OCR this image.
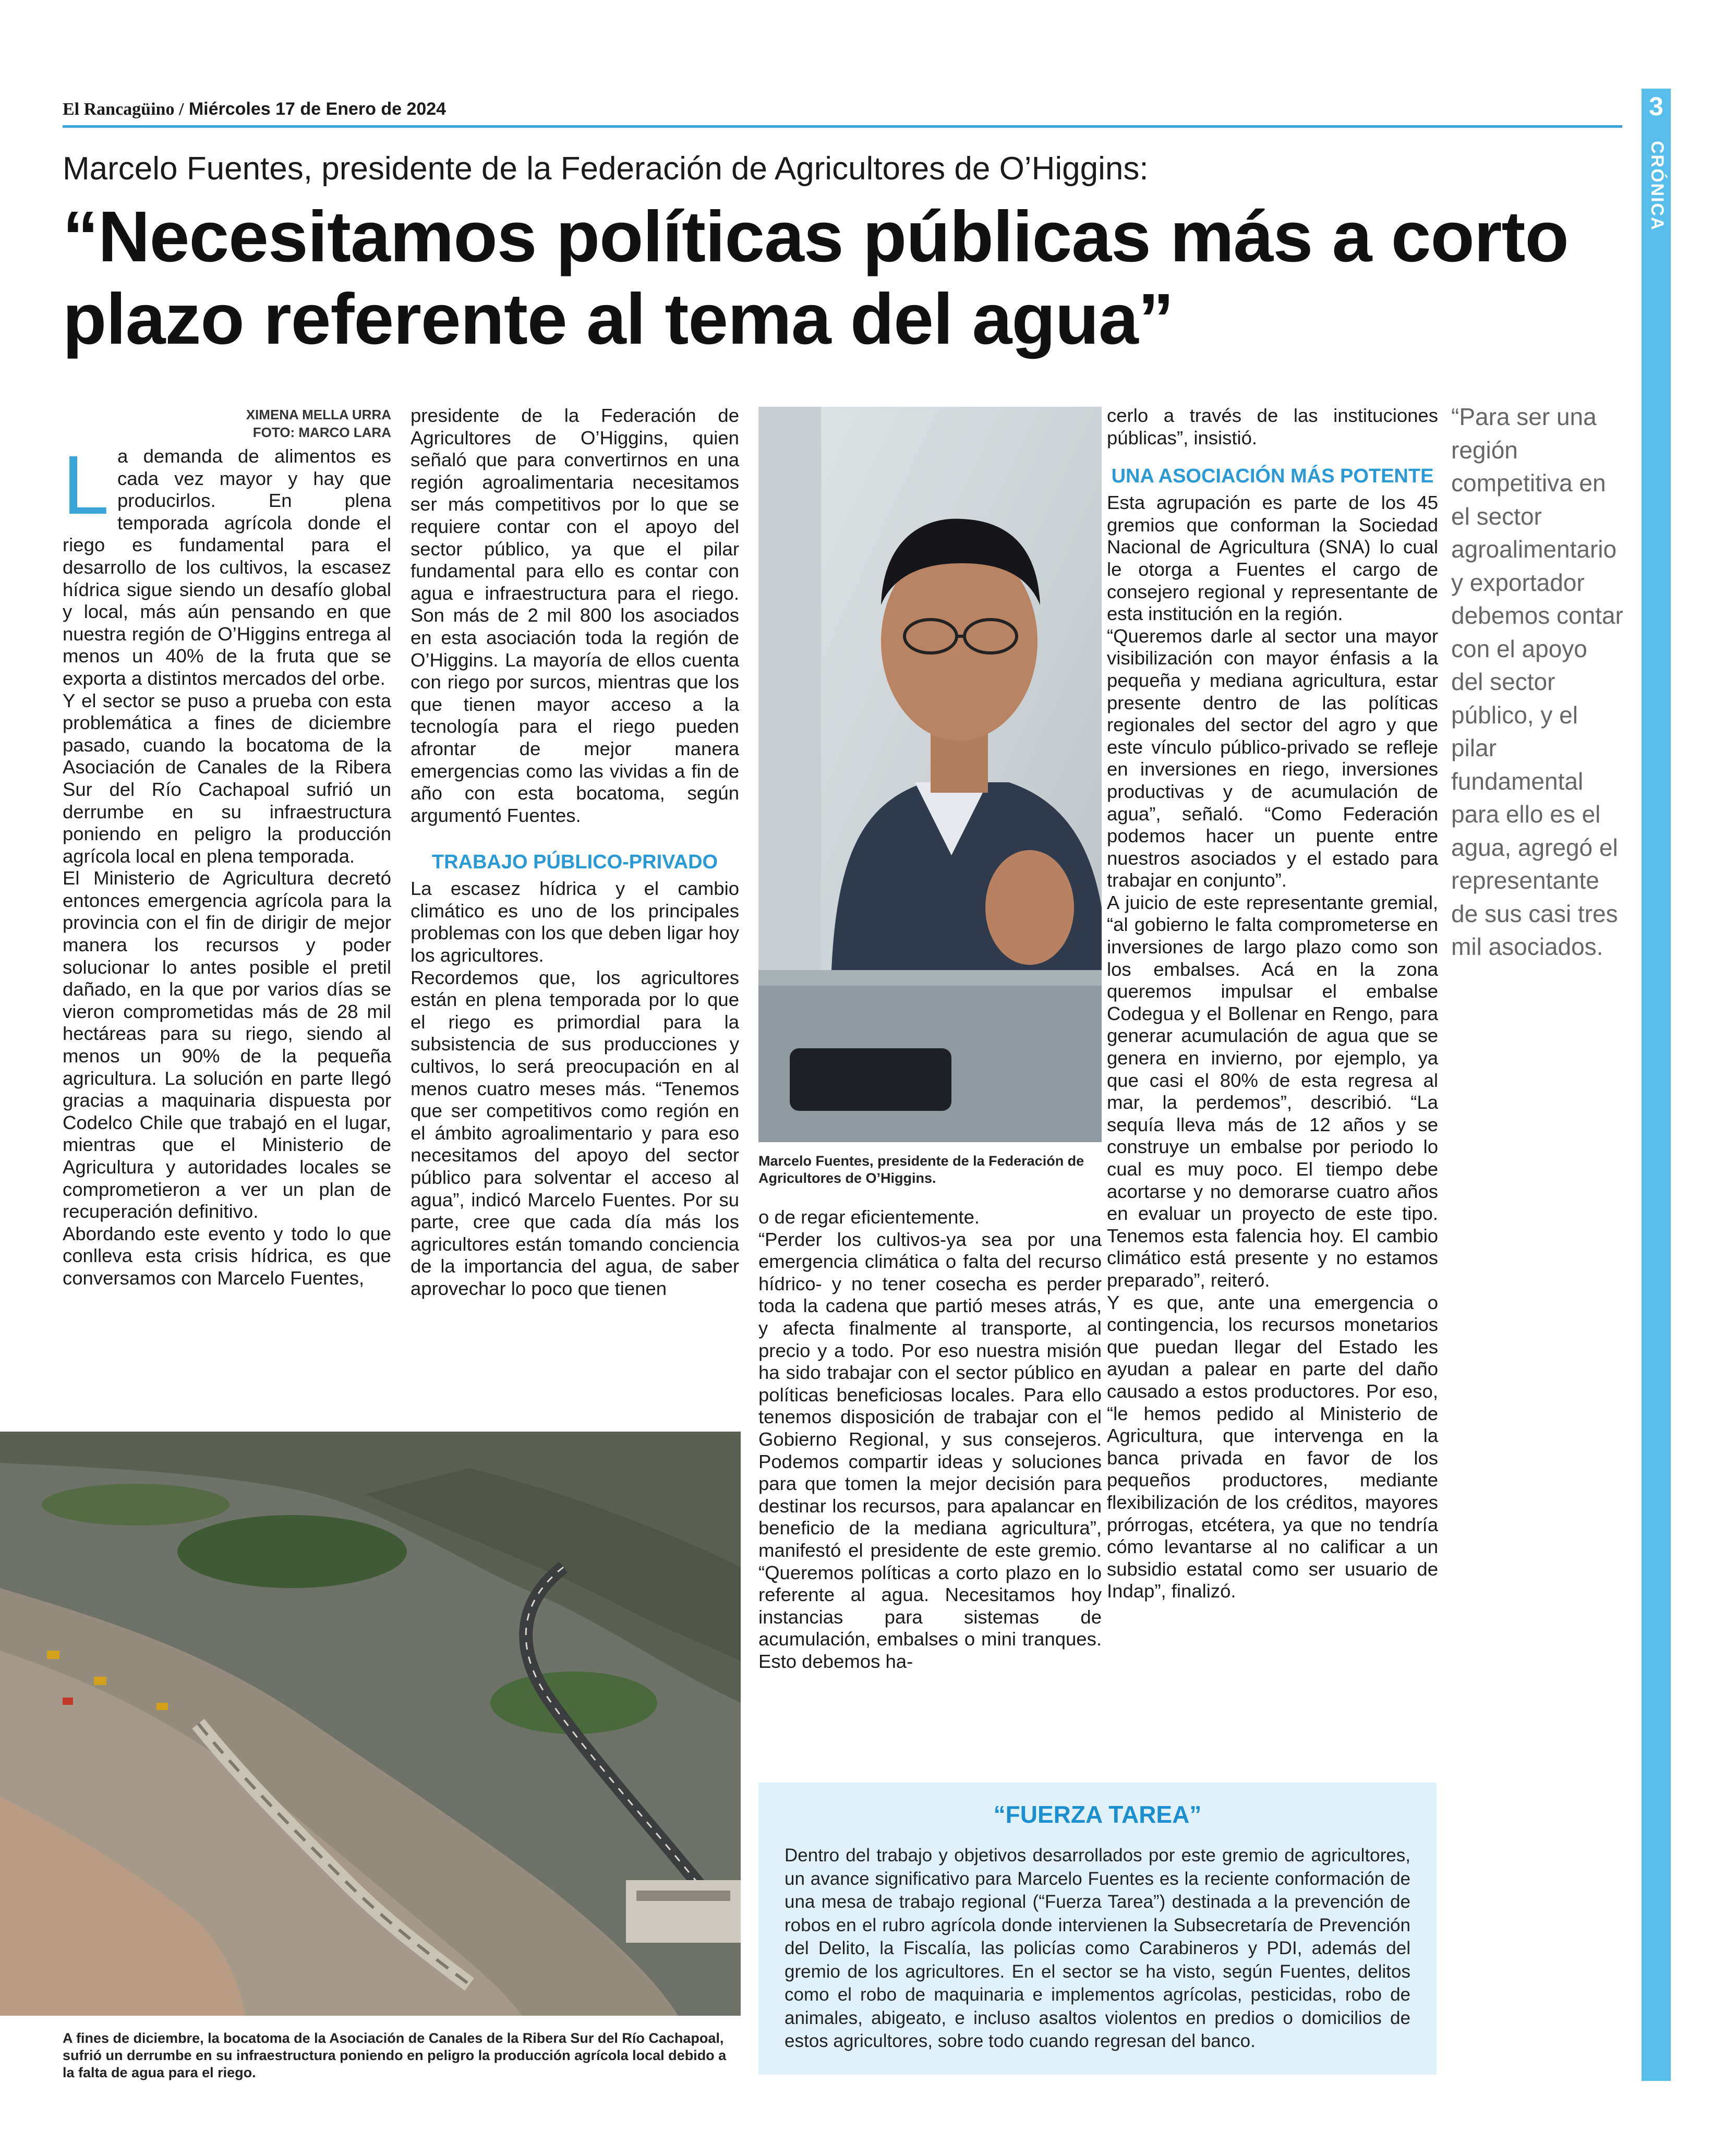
El Rancagüino / Miércoles 17 de Enero de 2024	3
CRÓNICA
Marcelo Fuentes, presidente de la Federación de Agricultores de O’Higgins:
“Necesitamos políticas públicas más a corto plazo referente al tema del agua”
XIMENA MELLA URRA
FOTO: MARCO LARA
L a demanda de alimentos es cada vez mayor y hay que producirlos. En plena temporada agrícola donde el riego es fundamental para el desarrollo de los cultivos, la escasez hídrica sigue siendo un desafío global y local, más aún pensando en que nuestra región de O’Higgins entrega al menos un 40% de la fruta que se exporta a distintos mercados del orbe.

Y el sector se puso a prueba con esta problemática a fines de diciembre pasado, cuando la bocatoma de la Asociación de Canales de la Ribera Sur del Río Cachapoal sufrió un derrumbe en su infraestructura poniendo en peligro la producción agrícola local en plena temporada.

El Ministerio de Agricultura decretó entonces emergencia agrícola para la provincia con el fin de dirigir de mejor manera los recursos y poder solucionar lo antes posible el pretil dañado, en la que por varios días se vieron comprometidas más de 28 mil hectáreas para su riego, siendo al menos un 90% de la pequeña agricultura. La solución en parte llegó gracias a maquinaria dispuesta por Codelco Chile que trabajó en el lugar, mientras que el Ministerio de Agricultura y autoridades locales se comprometieron a ver un plan de recuperación definitivo.

Abordando este evento y todo lo que conlleva esta crisis hídrica, es que conversamos con Marcelo Fuentes,

presidente de la Federación de Agricultores de O’Higgins, quien señaló que para convertirnos en una región agroalimentaria necesitamos ser más competitivos por lo que se requiere contar con el apoyo del sector público, ya que el pilar fundamental para ello es contar con agua e infraestructura para el riego. Son más de 2 mil 800 los asociados en esta asociación toda la región de O’Higgins. La mayoría de ellos cuenta con riego por surcos, mientras que los que tienen mayor acceso a la tecnología para el riego pueden afrontar de mejor manera emergencias como las vividas a fin de año con esta bocatoma, según argumentó Fuentes.

TRABAJO PÚBLICO-PRIVADO

La escasez hídrica y el cambio climático es uno de los principales problemas con los que deben ligar hoy los agricultores.

Recordemos que, los agricultores están en plena temporada por lo que el riego es primordial para la subsistencia de sus producciones y cultivos, lo será preocupación en al menos cuatro meses más. “Tenemos que ser competitivos como región en el ámbito agroalimentario y para eso necesitamos del apoyo del sector público para solventar el acceso al agua”, indicó Marcelo Fuentes. Por su parte, cree que cada día más los agricultores están tomando conciencia de la importancia del agua, de saber aprovechar lo poco que tienen

Marcelo Fuentes, presidente de la Federación de Agricultores de O’Higgins.

o de regar eficientemente.

“Perder los cultivos-ya sea por una emergencia climática o falta del recurso hídrico- y no tener cosecha es perder toda la cadena que partió meses atrás, y afecta finalmente al transporte, al precio y a todo. Por eso nuestra misión ha sido trabajar con el sector público en políticas beneficiosas locales. Para ello tenemos disposición de trabajar con el Gobierno Regional, y sus consejeros. Podemos compartir ideas y soluciones para que tomen la mejor decisión para destinar los recursos, para apalancar en beneficio de la mediana agricultura”, manifestó el presidente de este gremio. “Queremos políticas a corto plazo en lo referente al agua. Necesitamos hoy instancias para sistemas de acumulación, embalses o mini tranques. Esto debemos ha-

cerlo a través de las instituciones públicas”, insistió.

UNA ASOCIACIÓN MÁS POTENTE

Esta agrupación es parte de los 45 gremios que conforman la Sociedad Nacional de Agricultura (SNA) lo cual le otorga a Fuentes el cargo de consejero regional y representante de esta institución en la región.

“Queremos darle al sector una mayor visibilización con mayor énfasis a la pequeña y mediana agricultura, estar presente dentro de las políticas regionales del sector del agro y que este vínculo público-privado se refleje en inversiones en riego, inversiones productivas y de acumulación de agua”, señaló. “Como Federación podemos hacer un puente entre nuestros asociados y el estado para trabajar en conjunto”.

A juicio de este representante gremial, “al gobierno le falta comprometerse en inversiones de largo plazo como son los embalses. Acá en la zona queremos impulsar el embalse Codegua y el Bollenar en Rengo, para generar acumulación de agua que se genera en invierno, por ejemplo, ya que casi el 80% de esta regresa al mar, la perdemos”, describió. “La sequía lleva más de 12 años y se construye un embalse por periodo lo cual es muy poco. El tiempo debe acortarse y no demorarse cuatro años en evaluar un proyecto de este tipo. Tenemos esta falencia hoy. El cambio climático está presente y no estamos preparado”, reiteró.

Y es que, ante una emergencia o contingencia, los recursos monetarios que puedan llegar del Estado les ayudan a palear en parte del daño causado a estos productores. Por eso, “le hemos pedido al Ministerio de Agricultura, que intervenga en la banca privada en favor de los pequeños productores, mediante flexibilización de los créditos, mayores prórrogas, etcétera, ya que no tendría cómo levantarse al no calificar a un subsidio estatal como ser usuario de Indap”, finalizó.

“Para ser una región competitiva en el sector agroalimentario y exportador debemos contar con el apoyo del sector público, y el pilar fundamental para ello es el agua, agregó el representante de sus casi tres mil asociados.
A fines de diciembre, la bocatoma de la Asociación de Canales de la Ribera Sur del Río Cachapoal, sufrió un derrumbe en su infraestructura poniendo en peligro la producción agrícola local debido a la falta de agua para el riego.
“FUERZA TAREA”
Dentro del trabajo y objetivos desarrollados por este gremio de agricultores, un avance significativo para Marcelo Fuentes es la reciente conformación de una mesa de trabajo regional (“Fuerza Tarea”) destinada a la prevención de robos en el rubro agrícola donde intervienen la Subsecretaría de Prevención del Delito, la Fiscalía, las policías como Carabineros y PDI, además del gremio de los agricultores. En el sector se ha visto, según Fuentes, delitos como el robo de maquinaria e implementos agrícolas, pesticidas, robo de animales, abigeato, e incluso asaltos violentos en predios o domicilios de estos agricultores, sobre todo cuando regresan del banco.
